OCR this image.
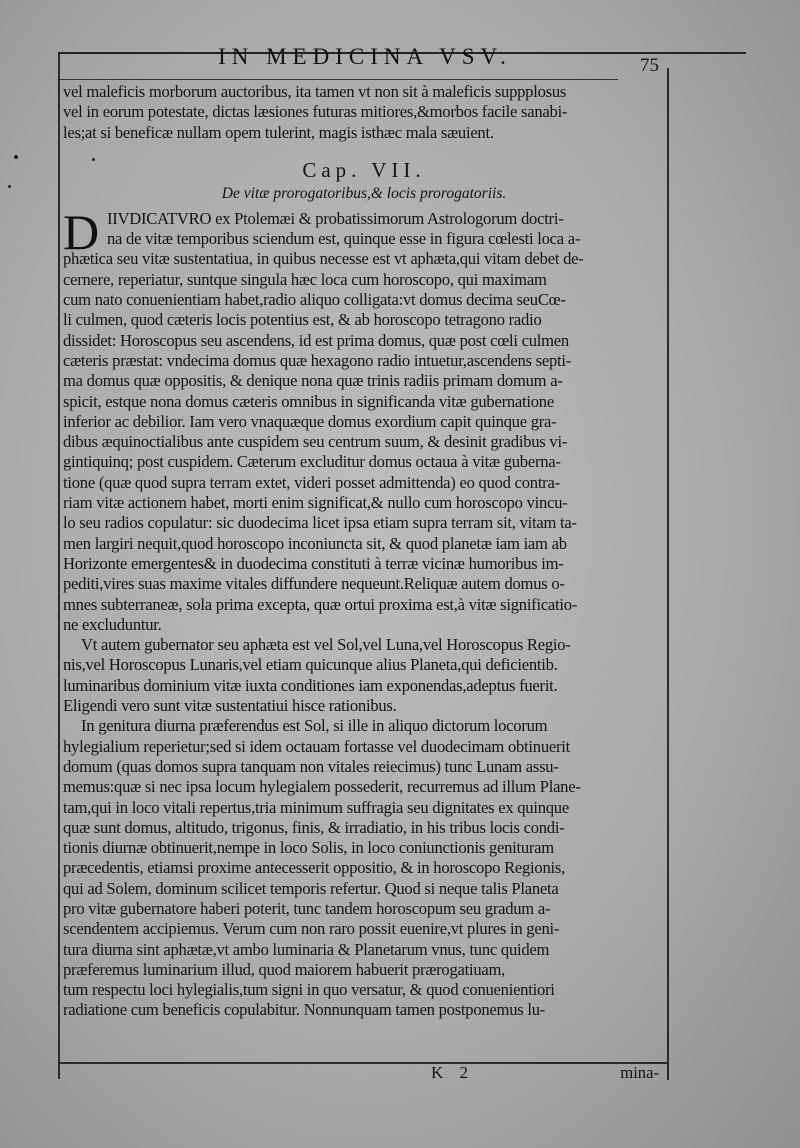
IN MEDICINA VSV.	75
vel maleficis morborum auctoribus, ita tamen vt non sit à maleficis suppplosus
vel in eorum potestate, dictas læsiones futuras mitiores,&morbos facile sanabi-
les;at si beneficæ nullam opem tulerint, magis isthæc mala sæuient.
Cap. VII.
De vitæ prorogatoribus,& locis prorogatoriis.
IIVDICATVRO ex Ptolemæi & probatissimorum Astrologorum doctri-
na de vitæ temporibus sciendum est, quinque esse in figura cœlesti loca a-
phætica seu vitæ sustentatiua, in quibus necesse est vt aphæta,qui vitam debet de-
cernere, reperiatur, suntque singula hæc loca cum horoscopo, qui maximam
cum nato conuenientiam habet,radio aliquo colligata:vt domus decima seuCœ-
li culmen, quod cæteris locis potentius est, & ab horoscopo tetragono radio
dissidet: Horoscopus seu ascendens, id est prima domus, quæ post cœli culmen
cæteris præstat: vndecima domus quæ hexagono radio intuetur,ascendens septi-
ma domus quæ oppositis, & denique nona quæ trinis radiis primam domum a-
spicit, estque nona domus cæteris omnibus in significanda vitæ gubernatione
inferior ac debilior. Iam vero vnaquæque domus exordium capit quinque gra-
dibus æquinoctialibus ante cuspidem seu centrum suum, & desinit gradibus vi-
gintiquinq; post cuspidem. Cæterum excluditur domus octaua à vitæ guberna-
tione (quæ quod supra terram extet, videri posset admittenda) eo quod contra-
riam vitæ actionem habet, morti enim significat,& nullo cum horoscopo vincu-
lo seu radios copulatur: sic duodecima licet ipsa etiam supra terram sit, vitam ta-
men largiri nequit,quod horoscopo inconiuncta sit, & quod planetæ iam iam ab
Horizonte emergentes& in duodecima constituti à terræ vicinæ humoribus im-
pediti,vires suas maxime vitales diffundere nequeunt.Reliquæ autem domus o-
mnes subterraneæ, sola prima excepta, quæ ortui proxima est,à vitæ significatio-
ne excluduntur.
Vt autem gubernator seu aphæta est vel Sol,vel Luna,vel Horoscopus Regio-
nis,vel Horoscopus Lunaris,vel etiam quicunque alius Planeta,qui deficientib.
luminaribus dominium vitæ iuxta conditiones iam exponendas,adeptus fuerit.
Eligendi vero sunt vitæ sustentatiui hisce rationibus.
In genitura diurna præferendus est Sol, si ille in aliquo dictorum locorum
hylegialium reperietur;sed si idem octauam fortasse vel duodecimam obtinuerit
domum (quas domos supra tanquam non vitales reiecimus) tunc Lunam assu-
memus:quæ si nec ipsa locum hylegialem possederit, recurremus ad illum Plane-
tam,qui in loco vitali repertus,tria minimum suffragia seu dignitates ex quinque
quæ sunt domus, altitudo, trigonus, finis, & irradiatio, in his tribus locis condi-
tionis diurnæ obtinuerit,nempe in loco Solis, in loco coniunctionis genituram
præcedentis, etiamsi proxime antecesserit oppositio, & in horoscopo Regionis,
qui ad Solem, dominum scilicet temporis refertur. Quod si neque talis Planeta
pro vitæ gubernatore haberi poterit, tunc tandem horoscopum seu gradum a-
scendentem accipiemus. Verum cum non raro possit euenire,vt plures in geni-
tura diurna sint aphætæ,vt ambo luminaria & Planetarum vnus, tunc quidem
præferemus luminarium illud, quod maiorem habuerit prærogatiuam,
tum respectu loci hylegialis,tum signi in quo versatur, & quod conuenientiori
radiatione cum beneficis copulabitur. Nonnunquam tamen postponemus lu-
D
K 2	mina-
